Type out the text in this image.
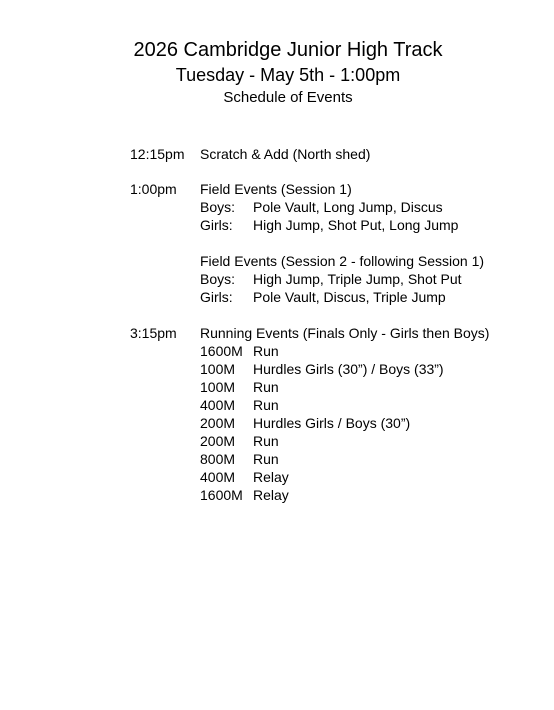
2026 Cambridge Junior High Track
Tuesday - May 5th - 1:00pm
Schedule of Events
12:15pm Scratch & Add (North shed)
1:00pm Field Events (Session 1)
Boys: Pole Vault, Long Jump, Discus
Girls: High Jump, Shot Put, Long Jump
Field Events (Session 2 - following Session 1)
Boys: High Jump, Triple Jump, Shot Put
Girls: Pole Vault, Discus, Triple Jump
3:15pm Running Events (Finals Only - Girls then Boys)
1600M Run
100M Hurdles Girls (30”) / Boys (33”)
100M Run
400M Run
200M Hurdles Girls / Boys (30”)
200M Run
800M Run
400M Relay
1600M Relay
